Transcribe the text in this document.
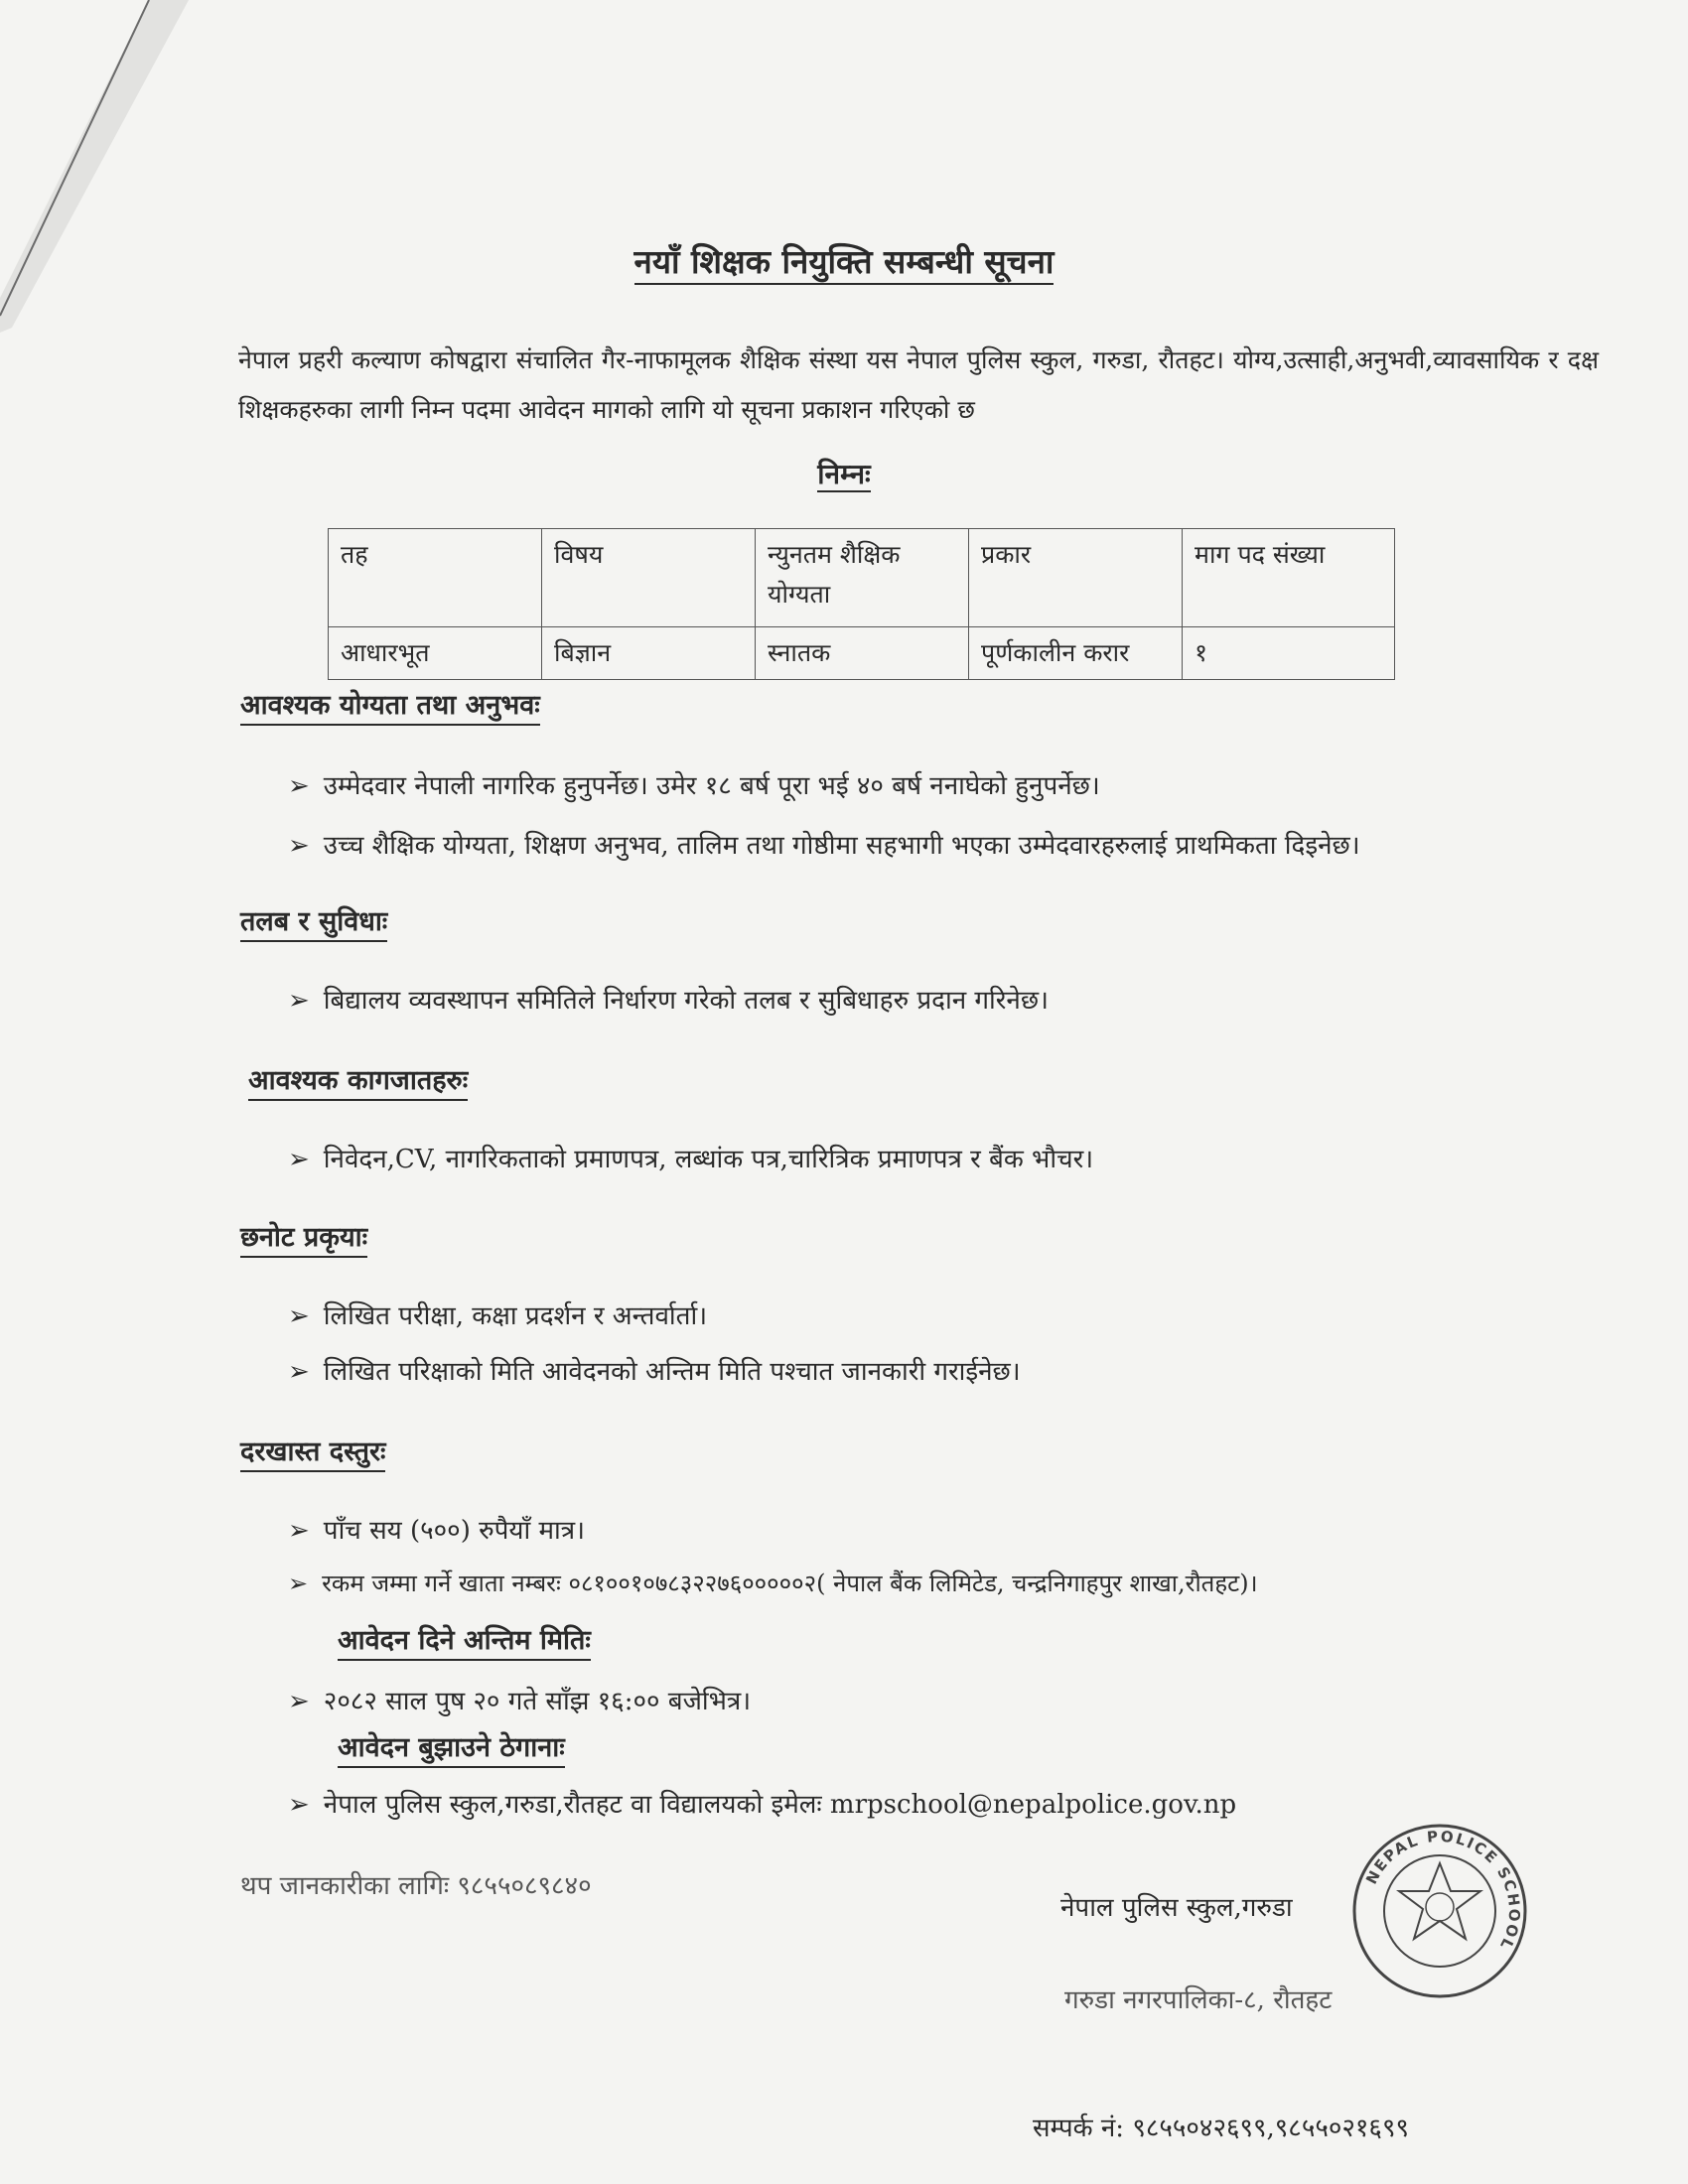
नयाँ शिक्षक नियुक्ति सम्बन्धी सूचना
नेपाल प्रहरी कल्याण कोषद्वारा संचालित गैर-नाफामूलक शैक्षिक संस्था यस नेपाल पुलिस स्कुल, गरुडा, रौतहट। योग्य,उत्साही,अनुभवी,व्यावसायिक र दक्ष शिक्षकहरुका लागी निम्न पदमा आवेदन मागको लागि यो सूचना प्रकाशन गरिएको छ
निम्नः
तह	विषय	न्युनतम शैक्षिक योग्यता	प्रकार	माग पद संख्या
आधारभूत	बिज्ञान	स्नातक	पूर्णकालीन करार	१
आवश्यक योग्यता तथा अनुभवः
➢ उम्मेदवार नेपाली नागरिक हुनुपर्नेछ। उमेर १८ बर्ष पूरा भई ४० बर्ष ननाघेको हुनुपर्नेछ।
➢ उच्च शैक्षिक योग्यता, शिक्षण अनुभव, तालिम तथा गोष्ठीमा सहभागी भएका उम्मेदवारहरुलाई प्राथमिकता दिइनेछ।
तलब र सुविधाः
➢ बिद्यालय व्यवस्थापन समितिले निर्धारण गरेको तलब र सुबिधाहरु प्रदान गरिनेछ।
आवश्यक कागजातहरुः
➢ निवेदन,CV, नागरिकताको प्रमाणपत्र, लब्धांक पत्र,चारित्रिक प्रमाणपत्र र बैंक भौचर।
छनोट प्रकृयाः
➢ लिखित परीक्षा, कक्षा प्रदर्शन र अन्तर्वार्ता।
➢ लिखित परिक्षाको मिति आवेदनको अन्तिम मिति पश्चात जानकारी गराईनेछ।
दरखास्त दस्तुरः
➢ पाँच सय (५००) रुपैयाँ मात्र।
➢ रकम जम्मा गर्ने खाता नम्बरः ०८१००१०७८३२२७६०००००२( नेपाल बैंक लिमिटेड, चन्द्रनिगाहपुर शाखा,रौतहट)।
आवेदन दिने अन्तिम मितिः
➢ २०८२ साल पुष २० गते साँझ १६:०० बजेभित्र।
आवेदन बुझाउने ठेगानाः
➢ नेपाल पुलिस स्कुल,गरुडा,रौतहट वा विद्यालयको इमेलः mrpschool@nepalpolice.gov.np
थप जानकारीका लागिः ९८५५०८९८४०	NEPAL POLICE SCHOOL
नेपाल पुलिस स्कुल,गरुडा
गरुडा नगरपालिका-८, रौतहट
सम्पर्क नं: ९८५५०४२६९९,९८५५०२१६९९
